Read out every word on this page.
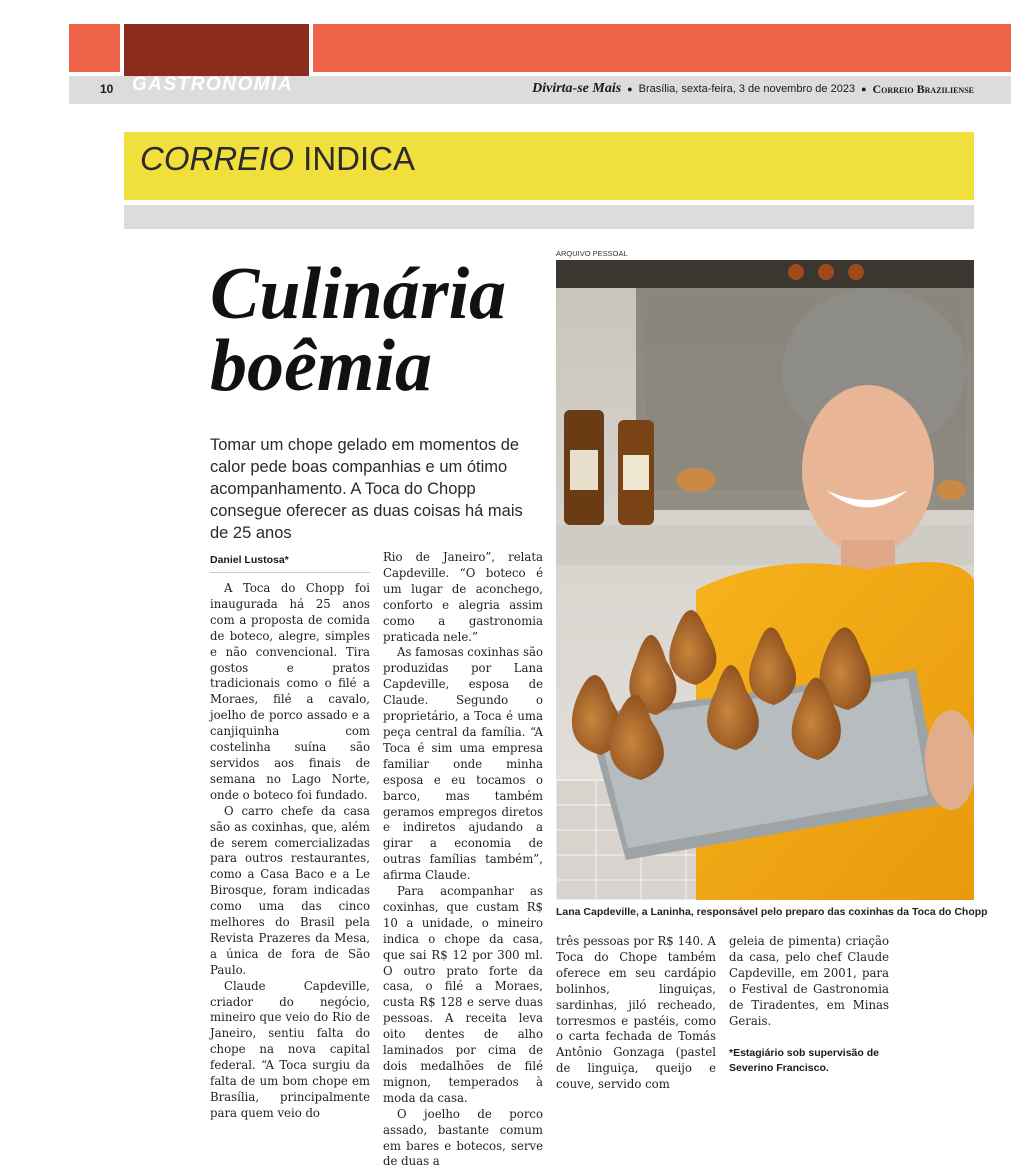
10 GASTRONOMIA	Divirta-se Mais ● Brasília, sexta-feira, 3 de novembro de 2023 ● Correio Braziliense
CORREIO INDICA
Culinária
boêmia
Tomar um chope gelado em momentos de calor pede boas companhias e um ótimo acompanhamento. A Toca do Chopp consegue oferecer as duas coisas há mais de 25 anos
ARQUIVO PESSOAL
Lana Capdeville, a Laninha, responsável pelo preparo das coxinhas da Toca do Chopp
Daniel Lustosa*

A Toca do Chopp foi inaugurada há 25 anos com a proposta de comida de boteco, alegre, simples e não convencional. Tira gostos e pratos tradicionais como o filé a Moraes, filé a cavalo, joelho de porco assado e a canjiquinha com costelinha suína são servidos aos finais de semana no Lago Norte, onde o boteco foi fundado.

O carro chefe da casa são as coxinhas, que, além de serem comercializadas para outros restaurantes, como a Casa Baco e a Le Birosque, foram indicadas como uma das cinco melhores do Brasil pela Revista Prazeres da Mesa, a única de fora de São Paulo.

Claude Capdeville, criador do negócio, mineiro que veio do Rio de Janeiro, sentiu falta do chope na nova capital federal. “A Toca surgiu da falta de um bom chope em Brasília, principalmente para quem veio do

Rio de Janeiro”, relata Capdeville. “O boteco é um lugar de aconchego, conforto e alegria assim como a gastronomia praticada nele.”

As famosas coxinhas são produzidas por Lana Capdeville, esposa de Claude. Segundo o proprietário, a Toca é uma peça central da família. “A Toca é sim uma empresa familiar onde minha esposa e eu tocamos o barco, mas também geramos empregos diretos e indiretos ajudando a girar a economia de outras famílias também”, afirma Claude.

Para acompanhar as coxinhas, que custam R$ 10 a unidade, o mineiro indica o chope da casa, que sai R$ 12 por 300 ml. O outro prato forte da casa, o filé a Moraes, custa R$ 128 e serve duas pessoas. A receita leva oito dentes de alho laminados por cima de dois medalhões de filé mignon, temperados à moda da casa.

O joelho de porco assado, bastante comum em bares e botecos, serve de duas a

três pessoas por R$ 140. A Toca do Chope também oferece em seu cardápio bolinhos, linguiças, sardinhas, jiló recheado, torresmos e pastéis, como o carta fechada de Tomás Antônio Gonzaga (pastel de linguiça, queijo e couve, servido com

geleia de pimenta) criação da casa, pelo chef Claude Capdeville, em 2001, para o Festival de Gastronomia de Tiradentes, em Minas Gerais.

*Estagiário sob supervisão de Severino Francisco.
